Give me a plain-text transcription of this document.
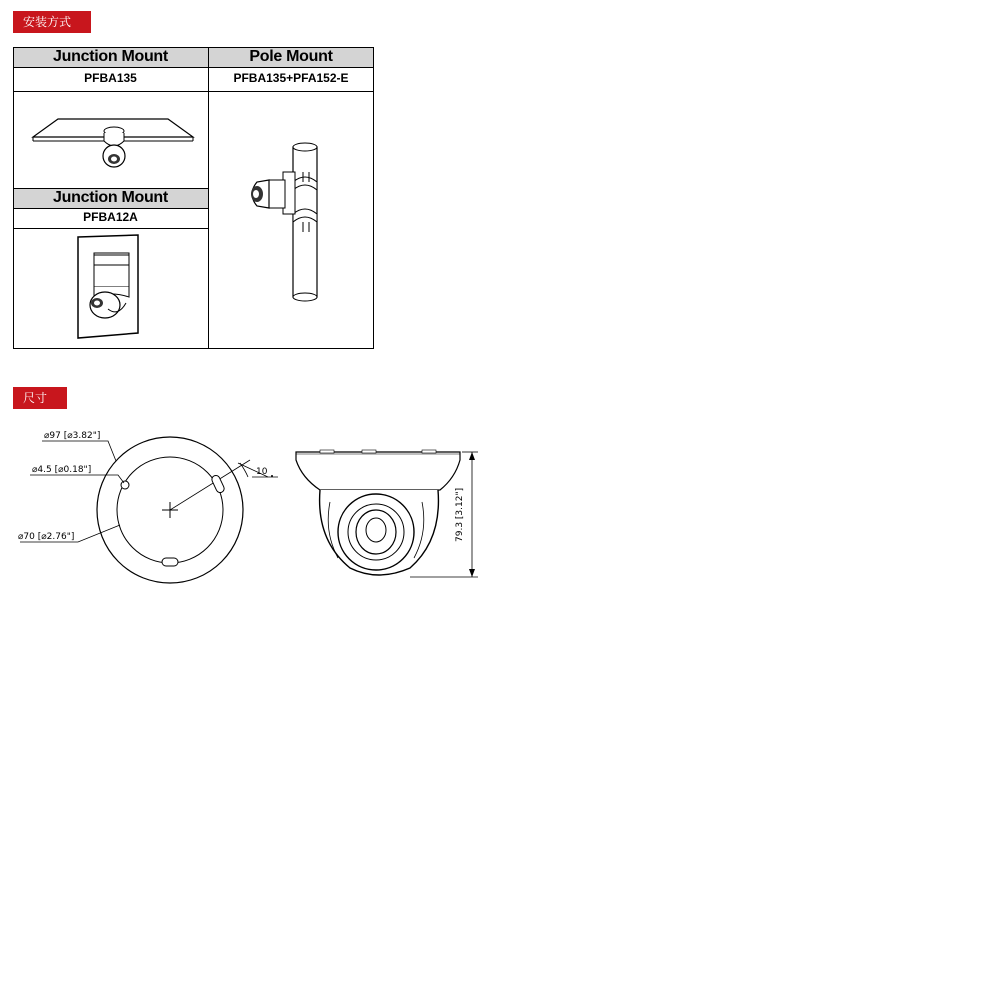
安装方式
Junction Mount	Pole Mount
PFBA135	PFBA135+PFA152-E
Junction Mount
PFBA12A
尺寸
⌀97 [⌀3.82"]
⌀4.5 [⌀0.18"]
⌀70 [⌀2.76"]
10
79.3 [3.12"]
